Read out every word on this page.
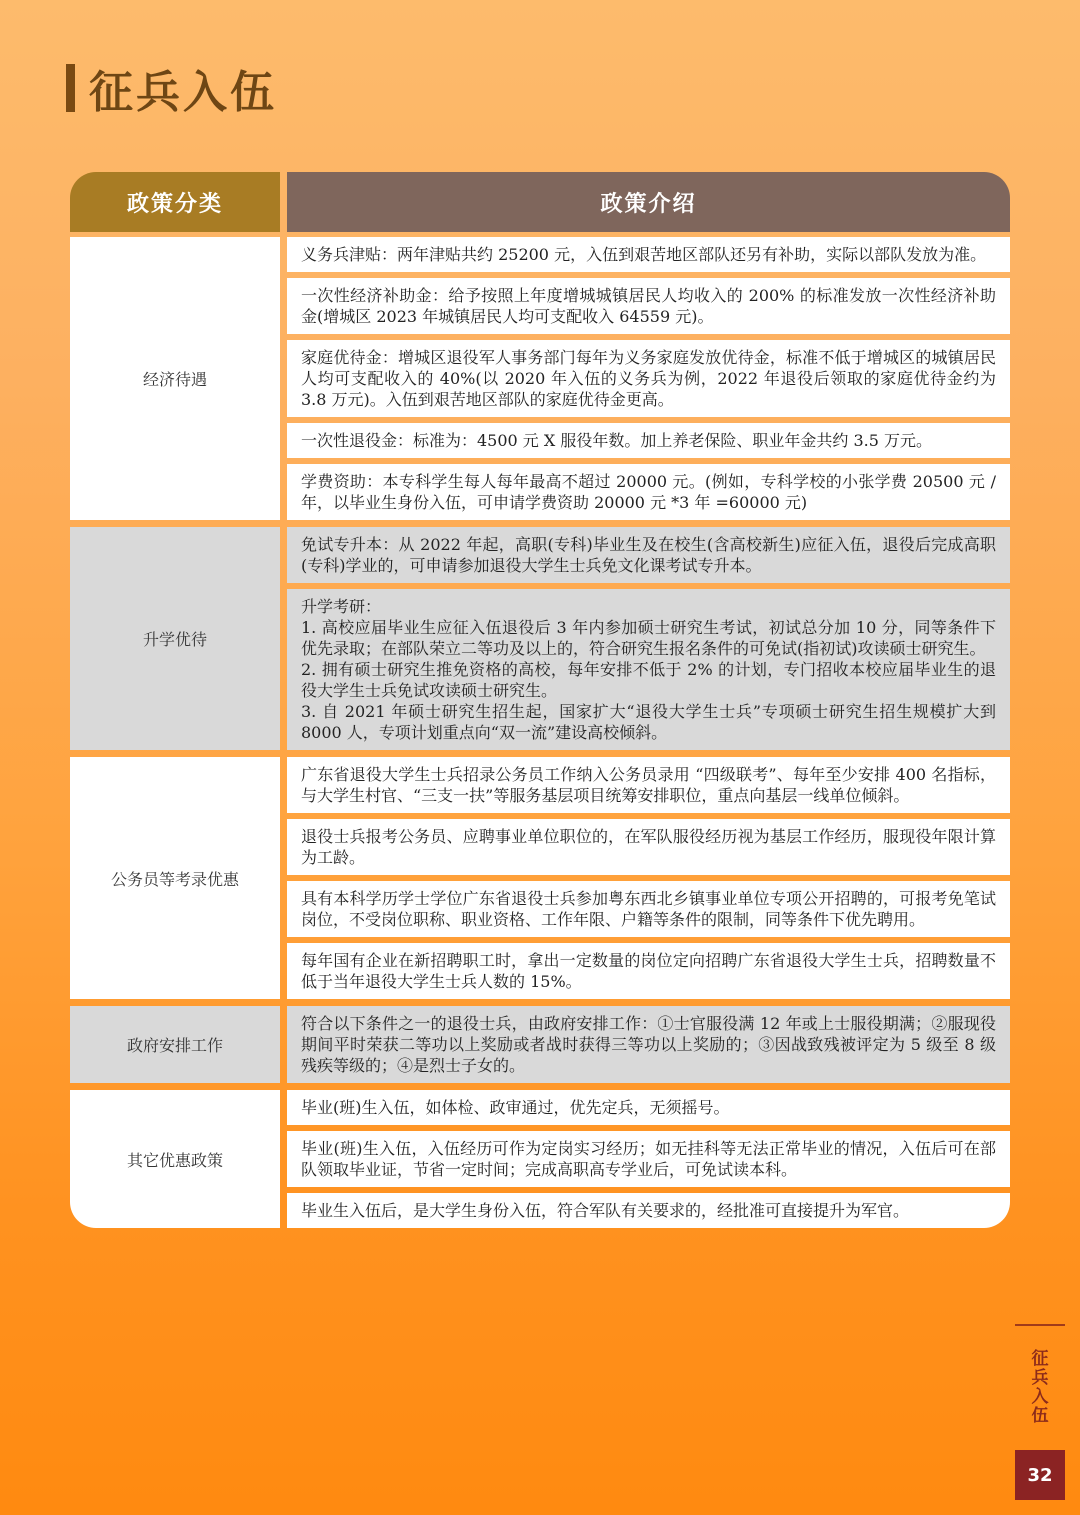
征兵入伍
政策分类	政策介绍
经济待遇
义务兵津贴：两年津贴共约 25200 元，入伍到艰苦地区部队还另有补助，实际以部队发放为准。
一次性经济补助金：给予按照上年度增城城镇居民人均收入的 200% 的标准发放一次性经济补助金(增城区 2023 年城镇居民人均可支配收入 64559 元)。
家庭优待金：增城区退役军人事务部门每年为义务家庭发放优待金，标准不低于增城区的城镇居民人均可支配收入的 40%(以 2020 年入伍的义务兵为例，2022 年退役后领取的家庭优待金约为 3.8 万元)。入伍到艰苦地区部队的家庭优待金更高。
一次性退役金：标准为：4500 元 X 服役年数。加上养老保险、职业年金共约 3.5 万元。
学费资助：本专科学生每人每年最高不超过 20000 元。(例如，专科学校的小张学费 20500 元 / 年，以毕业生身份入伍，可申请学费资助 20000 元 *3 年 =60000 元)
升学优待
免试专升本：从 2022 年起，高职(专科)毕业生及在校生(含高校新生)应征入伍，退役后完成高职(专科)学业的，可申请参加退役大学生士兵免文化课考试专升本。
升学考研：
1. 高校应届毕业生应征入伍退役后 3 年内参加硕士研究生考试，初试总分加 10 分，同等条件下优先录取；在部队荣立二等功及以上的，符合研究生报名条件的可免试(指初试)攻读硕士研究生。
2. 拥有硕士研究生推免资格的高校，每年安排不低于 2% 的计划，专门招收本校应届毕业生的退役大学生士兵免试攻读硕士研究生。
3. 自 2021 年硕士研究生招生起，国家扩大“退役大学生士兵”专项硕士研究生招生规模扩大到 8000 人，专项计划重点向“双一流”建设高校倾斜。
公务员等考录优惠
广东省退役大学生士兵招录公务员工作纳入公务员录用 “四级联考”、每年至少安排 400 名指标，与大学生村官、“三支一扶”等服务基层项目统筹安排职位，重点向基层一线单位倾斜。
退役士兵报考公务员、应聘事业单位职位的，在军队服役经历视为基层工作经历，服现役年限计算为工龄。
具有本科学历学士学位广东省退役士兵参加粤东西北乡镇事业单位专项公开招聘的，可报考免笔试岗位，不受岗位职称、职业资格、工作年限、户籍等条件的限制，同等条件下优先聘用。
每年国有企业在新招聘职工时，拿出一定数量的岗位定向招聘广东省退役大学生士兵，招聘数量不低于当年退役大学生士兵人数的 15%。
政府安排工作
符合以下条件之一的退役士兵，由政府安排工作：①士官服役满 12 年或上士服役期满；②服现役期间平时荣获二等功以上奖励或者战时获得三等功以上奖励的；③因战致残被评定为 5 级至 8 级残疾等级的；④是烈士子女的。
其它优惠政策
毕业(班)生入伍，如体检、政审通过，优先定兵，无须摇号。
毕业(班)生入伍，入伍经历可作为定岗实习经历；如无挂科等无法正常毕业的情况，入伍后可在部队领取毕业证，节省一定时间；完成高职高专学业后，可免试读本科。
毕业生入伍后，是大学生身份入伍，符合军队有关要求的，经批准可直接提升为军官。
征兵入伍
32
